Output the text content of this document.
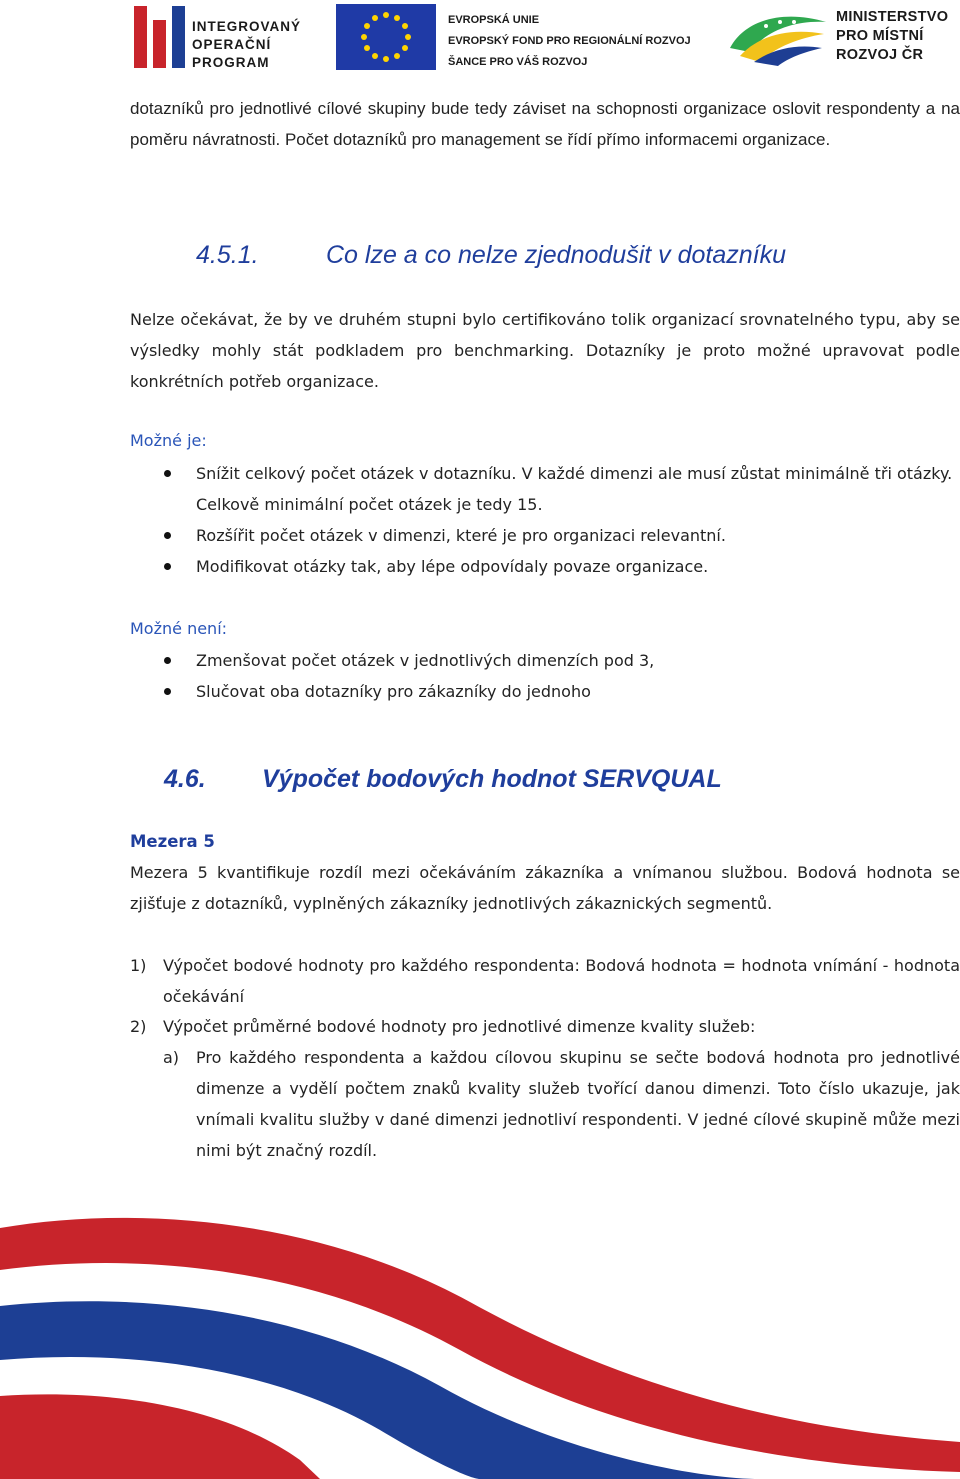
INTEGROVANÝ
OPERAČNÍ
PROGRAM
EVROPSKÁ UNIE
EVROPSKÝ FOND PRO REGIONÁLNÍ ROZVOJ
ŠANCE PRO VÁŠ ROZVOJ
MINISTERSTVO
PRO MÍSTNÍ
ROZVOJ ČR
dotazníků pro jednotlivé cílové skupiny bude tedy záviset na schopnosti organizace oslovit respondenty a na poměru návratnosti. Počet dotazníků pro management se řídí přímo informacemi organizace.
4.5.1.	Co lze a co nelze zjednodušit v dotazníku
Nelze očekávat, že by ve druhém stupni bylo certifikováno tolik organizací srovnatelného typu, aby se výsledky mohly stát podkladem pro benchmarking. Dotazníky je proto možné upravovat podle konkrétních potřeb organizace.
Možné je:
Snížit celkový počet otázek v dotazníku. V každé dimenzi ale musí zůstat minimálně tři otázky. Celkově minimální počet otázek je tedy 15.
Rozšířit počet otázek v dimenzi, které je pro organizaci relevantní.
Modifikovat otázky tak, aby lépe odpovídaly povaze organizace.
Možné není:
Zmenšovat počet otázek v jednotlivých dimenzích pod 3,
Slučovat oba dotazníky pro zákazníky do jednoho
4.6. Výpočet bodových hodnot SERVQUAL
Mezera 5
Mezera 5 kvantifikuje rozdíl mezi očekáváním zákazníka a vnímanou službou. Bodová hodnota se zjišťuje z dotazníků, vyplněných zákazníky jednotlivých zákaznických segmentů.
1) Výpočet bodové hodnoty pro každého respondenta: Bodová hodnota = hodnota vnímání - hodnota očekávání
2) Výpočet průměrné bodové hodnoty pro jednotlivé dimenze kvality služeb:
a) Pro každého respondenta a každou cílovou skupinu se sečte bodová hodnota pro jednotlivé dimenze a vydělí počtem znaků kvality služeb tvořící danou dimenzi. Toto číslo ukazuje, jak vnímali kvalitu služby v dané dimenzi jednotliví respondenti. V jedné cílové skupině může mezi nimi být značný rozdíl.
